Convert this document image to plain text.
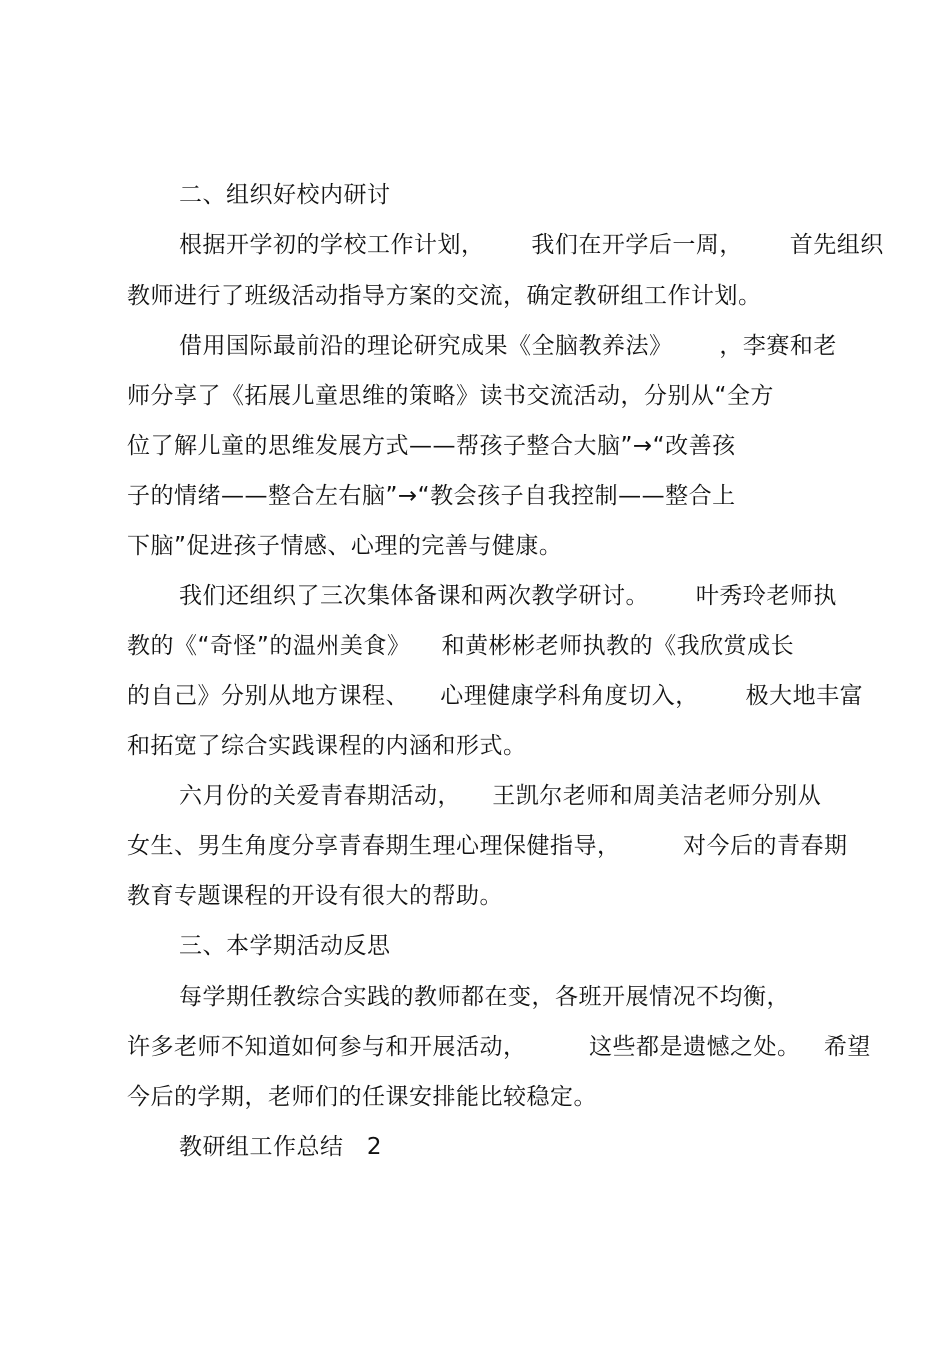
二、组织好校内研讨
根据开学初的学校工作计划，      我们在开学后一周，      首先组织
教师进行了班级活动指导方案的交流，确定教研组工作计划。
借用国际最前沿的理论研究成果《全脑教养法》      ，李赛和老
师分享了《拓展儿童思维的策略》读书交流活动，分别从“全方
位了解儿童的思维发展方式——帮孩子整合大脑”→“改善孩
子的情绪——整合左右脑”→“教会孩子自我控制——整合上
下脑”促进孩子情感、心理的完善与健康。
我们还组织了三次集体备课和两次教学研讨。      叶秀玲老师执
教的《“奇怪”的温州美食》    和黄彬彬老师执教的《我欣赏成长
的自己》分别从地方课程、    心理健康学科角度切入，      极大地丰富
和拓宽了综合实践课程的内涵和形式。
六月份的关爱青春期活动，    王凯尔老师和周美洁老师分别从
女生、男生角度分享青春期生理心理保健指导，        对今后的青春期
教育专题课程的开设有很大的帮助。
三、本学期活动反思
每学期任教综合实践的教师都在变，各班开展情况不均衡，
许多老师不知道如何参与和开展活动，        这些都是遗憾之处。   希望
今后的学期，老师们的任课安排能比较稳定。
教研组工作总结   2
